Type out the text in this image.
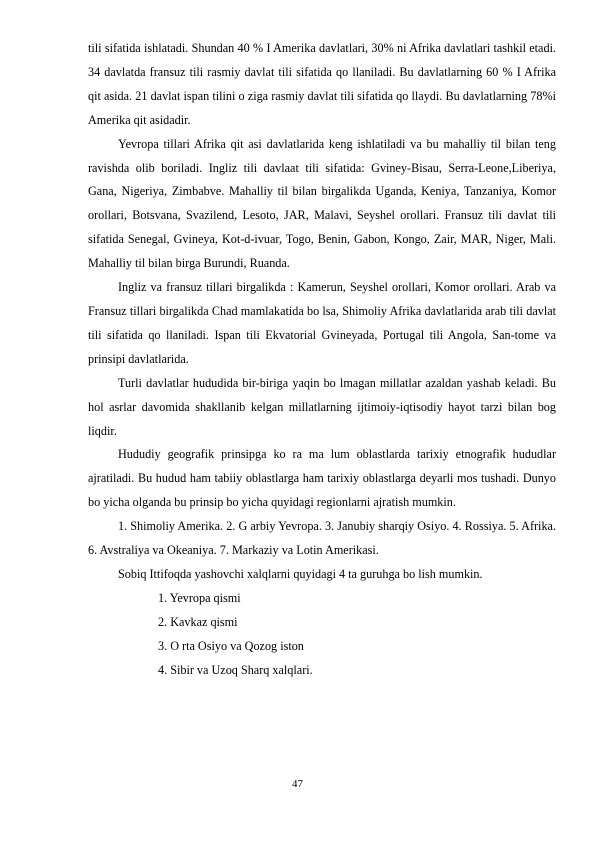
tili sifatida ishlatadi. Shundan 40 % I Amerika davlatlari, 30% ni Afrika davlatlari tashkil etadi. 34 davlatda fransuz tili rasmiy davlat tili sifatida qo llaniladi. Bu davlatlarning 60 % I Afrika qit asida. 21 davlat ispan tilini o ziga rasmiy davlat tili sifatida qo llaydi. Bu davlatlarning 78%i Amerika qit asidadir.

Yevropa tillari Afrika qit asi davlatlarida keng ishlatiladi va bu mahalliy til bilan teng ravishda olib boriladi. Ingliz tili davlaat tili sifatida: Gviney-Bisau, Serra-Leone,Liberiya, Gana, Nigeriya, Zimbabve. Mahalliy til bilan birgalikda Uganda, Keniya, Tanzaniya, Komor orollari, Botsvana, Svazilend, Lesoto, JAR, Malavi, Seyshel orollari. Fransuz tili davlat tili sifatida Senegal, Gvineya, Kot-d-ivuar, Togo, Benin, Gabon, Kongo, Zair, MAR, Niger, Mali. Mahalliy til bilan birga Burundi, Ruanda.

Ingliz va fransuz tillari birgalikda : Kamerun, Seyshel orollari, Komor orollari. Arab va Fransuz tillari birgalikda Chad mamlakatida bo lsa, Shimoliy Afrika davlatlarida arab tili davlat tili sifatida qo llaniladi. Ispan tili Ekvatorial Gvineyada, Portugal tili Angola, San-tome va prinsipi davlatlarida.

Turli davlatlar hududida bir-biriga yaqin bo lmagan millatlar azaldan yashab keladi. Bu hol asrlar davomida shakllanib kelgan millatlarning ijtimoiy-iqtisodiy hayot tarzi bilan bog liqdir.

Hududiy geografik prinsipga ko ra ma lum oblastlarda tarixiy etnografik hududlar ajratiladi. Bu hudud ham tabiiy oblastlarga ham tarixiy oblastlarga deyarli mos tushadi. Dunyo bo yicha olganda bu prinsip bo yicha quyidagi regionlarni ajratish mumkin.

1. Shimoliy Amerika. 2. G arbiy Yevropa. 3. Janubiy sharqiy Osiyo. 4. Rossiya. 5. Afrika. 6. Avstraliya va Okeaniya. 7. Markaziy va Lotin Amerikasi.

Sobiq Ittifoqda yashovchi xalqlarni quyidagi 4 ta guruhga bo lish mumkin.

1. Yevropa qismi
2. Kavkaz qismi
3. O rta Osiyo va Qozog iston
4. Sibir va Uzoq Sharq xalqlari.
47
